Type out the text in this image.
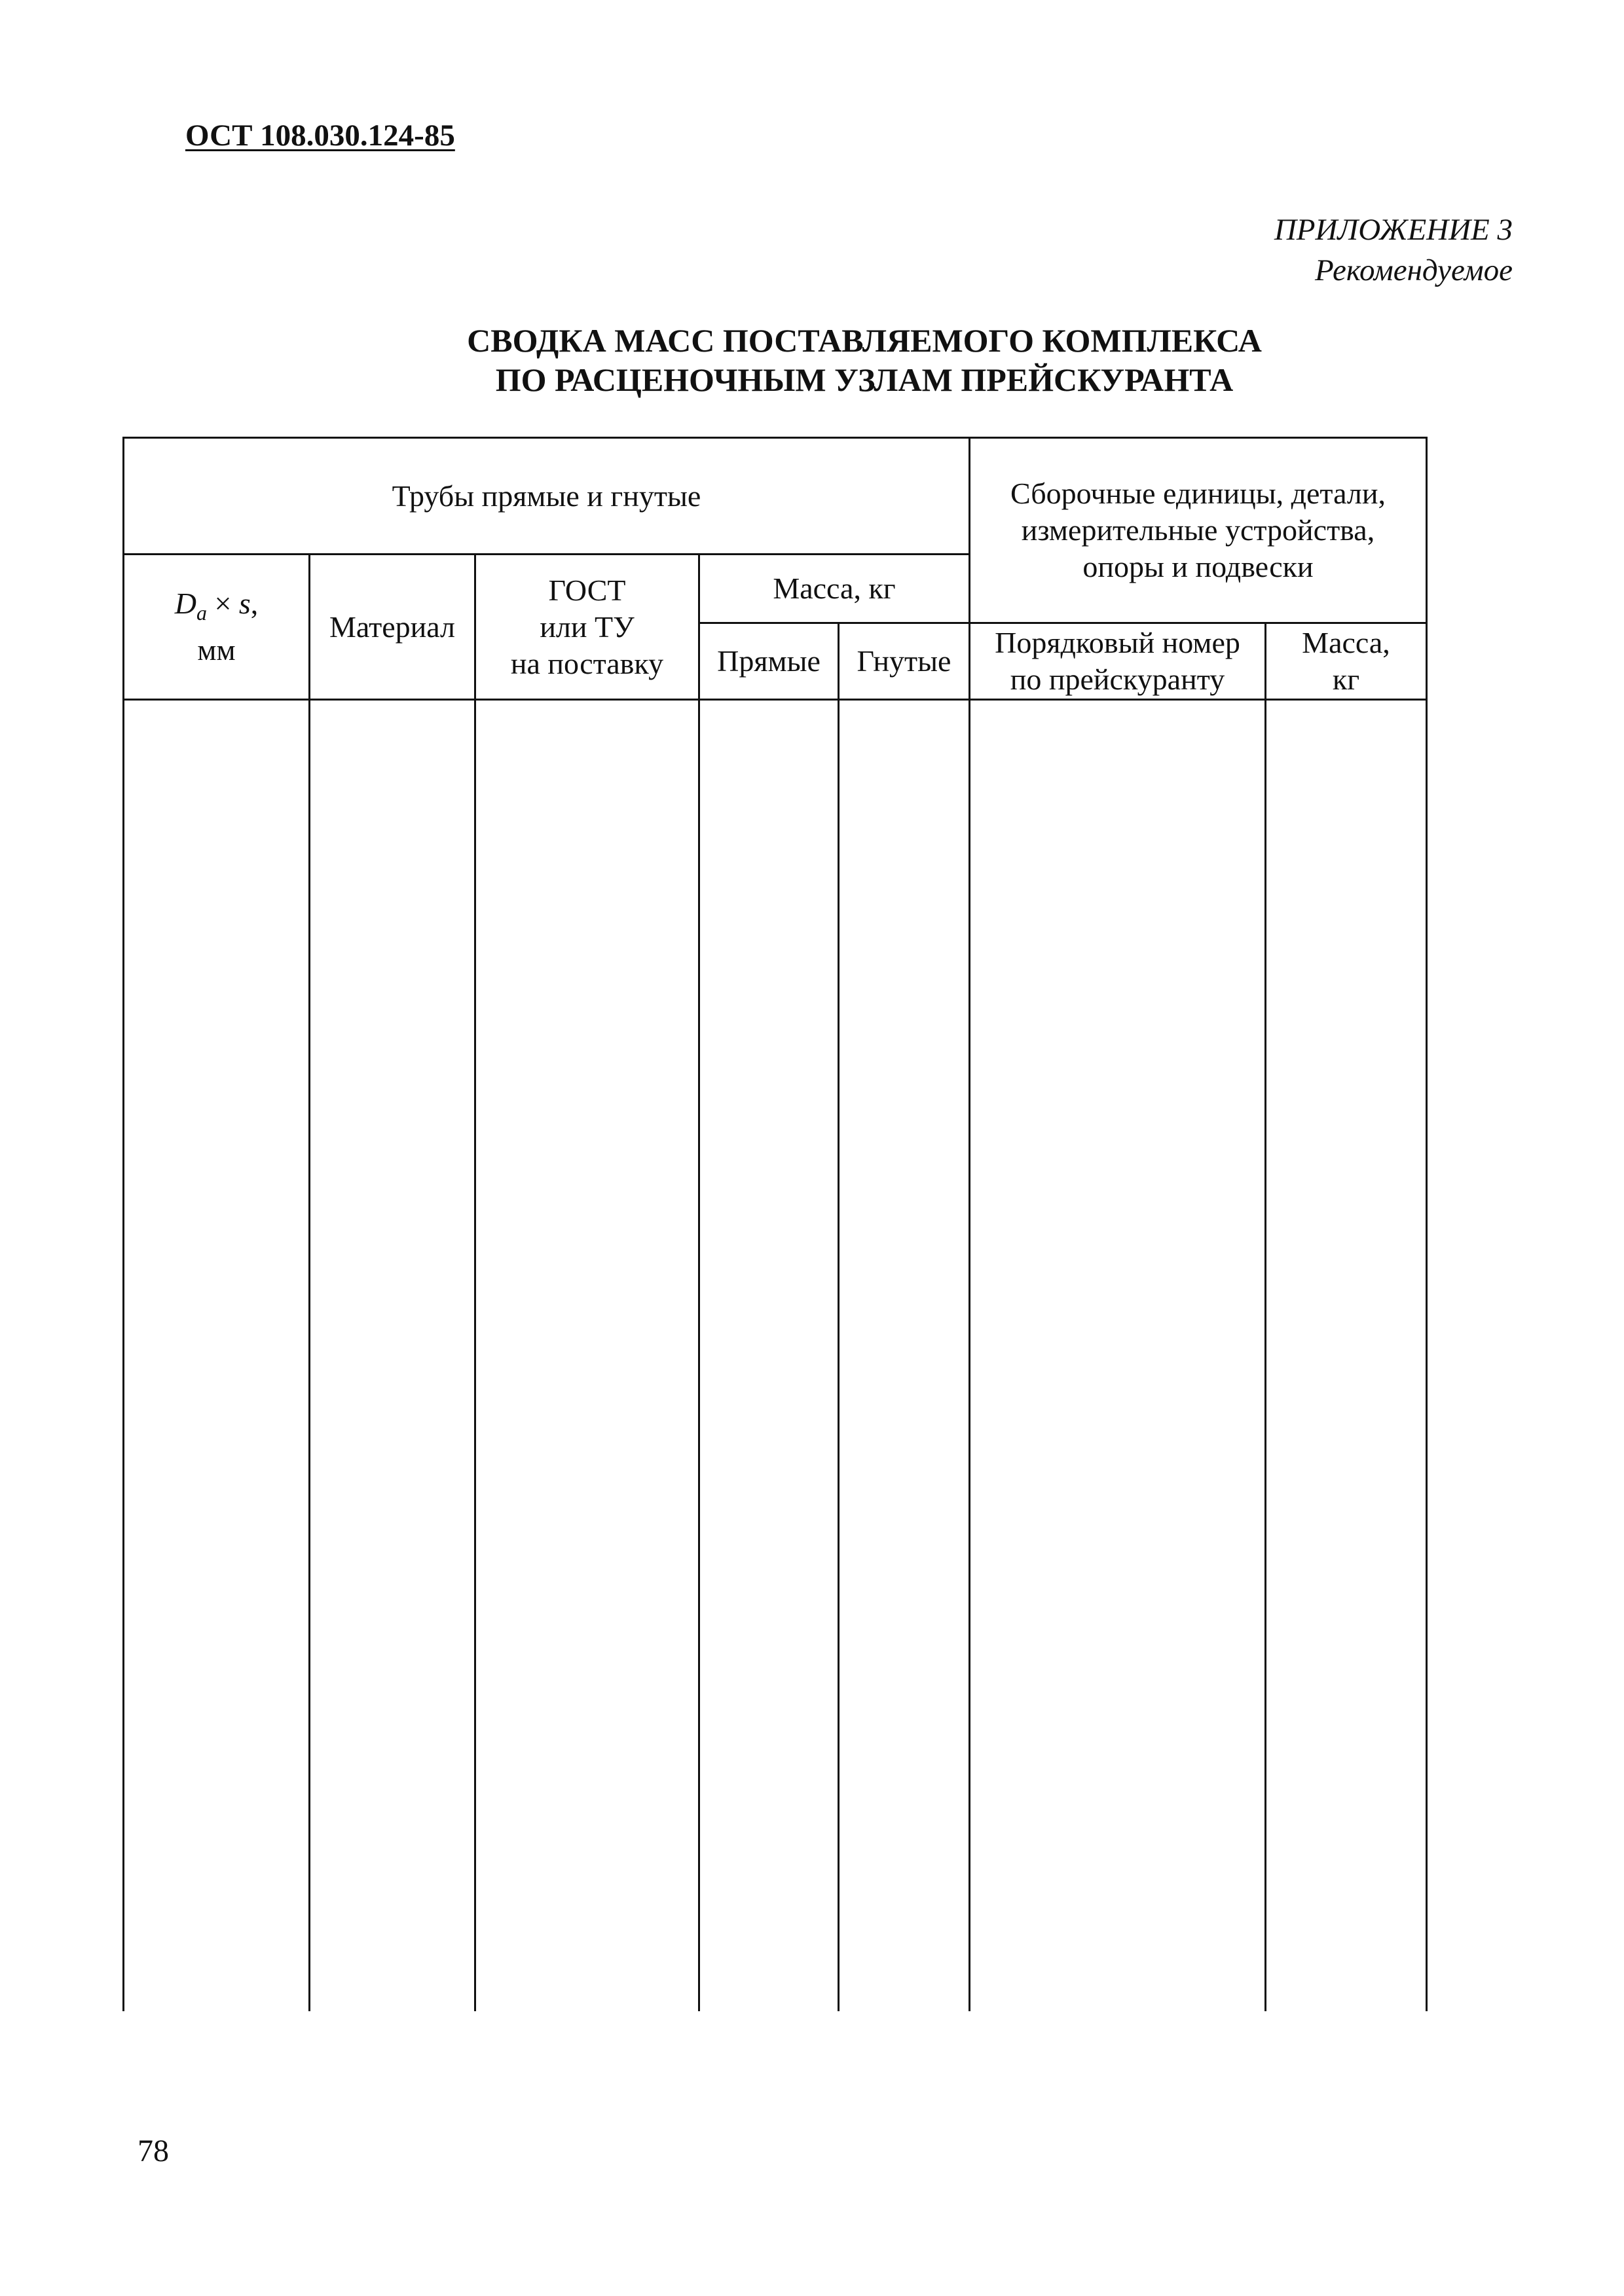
ОСТ 108.030.124-85
ПРИЛОЖЕНИЕ 3
Рекомендуемое
СВОДКА МАСС ПОСТАВЛЯЕМОГО КОМПЛЕКСА
ПО РАСЦЕНОЧНЫМ УЗЛАМ ПРЕЙСКУРАНТА
Трубы прямые и гнутые	Сборочные единицы, детали,
измерительные устройства,
опоры и подвески
$D_a \times s$,
мм
Материал
ГОСТ
или ТУ
на поставку
Масса, кг
Прямые Гнутые
Порядковый номер
по прейскуранту
Масса,
кг
78
